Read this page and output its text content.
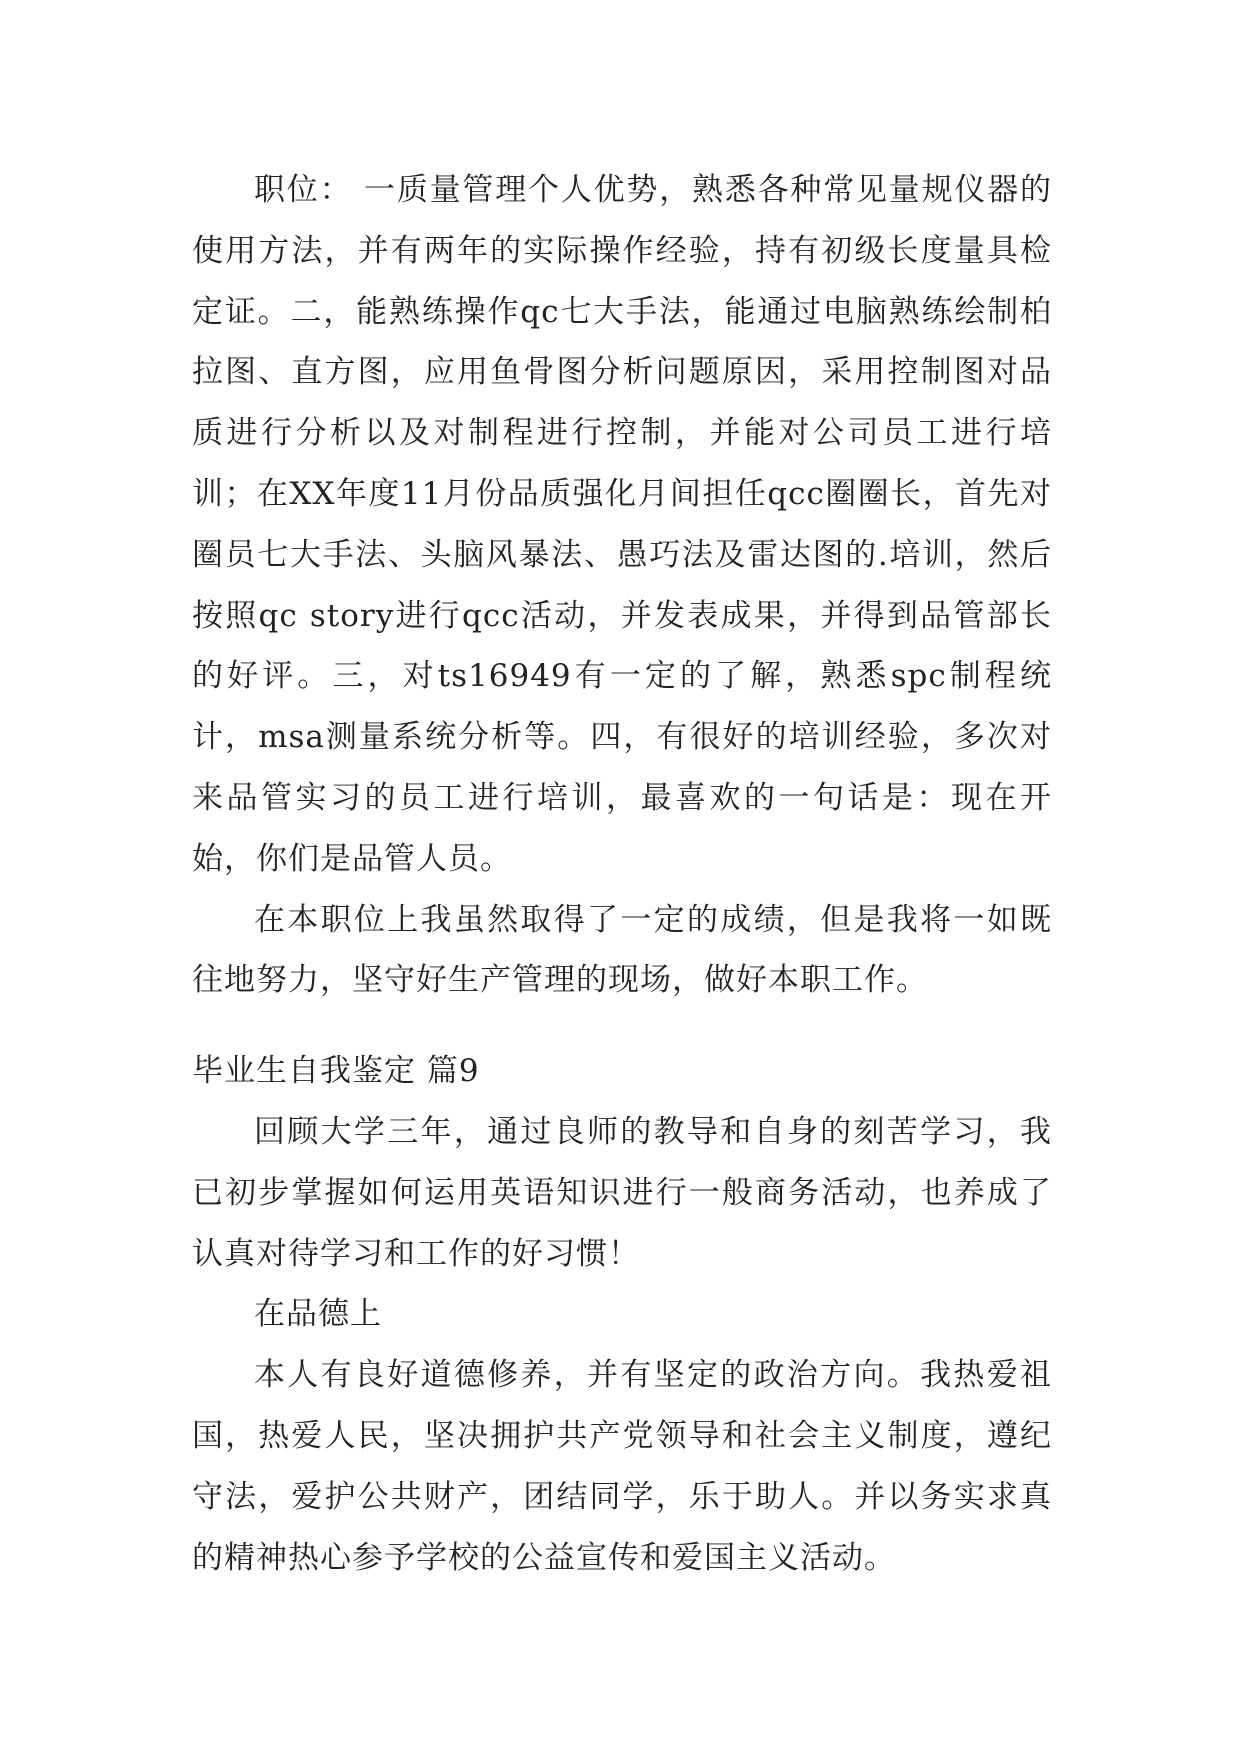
职位： 一质量管理个人优势，熟悉各种常见量规仪器的使用方法，并有两年的实际操作经验，持有初级长度量具检定证。二，能熟练操作qc七大手法，能通过电脑熟练绘制柏拉图、直方图，应用鱼骨图分析问题原因，采用控制图对品质进行分析以及对制程进行控制，并能对公司员工进行培训；在XX年度11月份品质强化月间担任qcc圈圈长，首先对圈员七大手法、头脑风暴法、愚巧法及雷达图的.培训，然后按照qc story进行qcc活动，并发表成果，并得到品管部长的好评。三，对ts16949有一定的了解，熟悉spc制程统计，msa测量系统分析等。四，有很好的培训经验，多次对来品管实习的员工进行培训，最喜欢的一句话是：现在开始，你们是品管人员。

在本职位上我虽然取得了一定的成绩，但是我将一如既往地努力，坚守好生产管理的现场，做好本职工作。

毕业生自我鉴定 篇9

回顾大学三年，通过良师的教导和自身的刻苦学习，我已初步掌握如何运用英语知识进行一般商务活动，也养成了认真对待学习和工作的好习惯！

在品德上

本人有良好道德修养，并有坚定的政治方向。我热爱祖国，热爱人民，坚决拥护共产党领导和社会主义制度，遵纪守法，爱护公共财产，团结同学，乐于助人。并以务实求真的精神热心参予学校的公益宣传和爱国主义活动。
